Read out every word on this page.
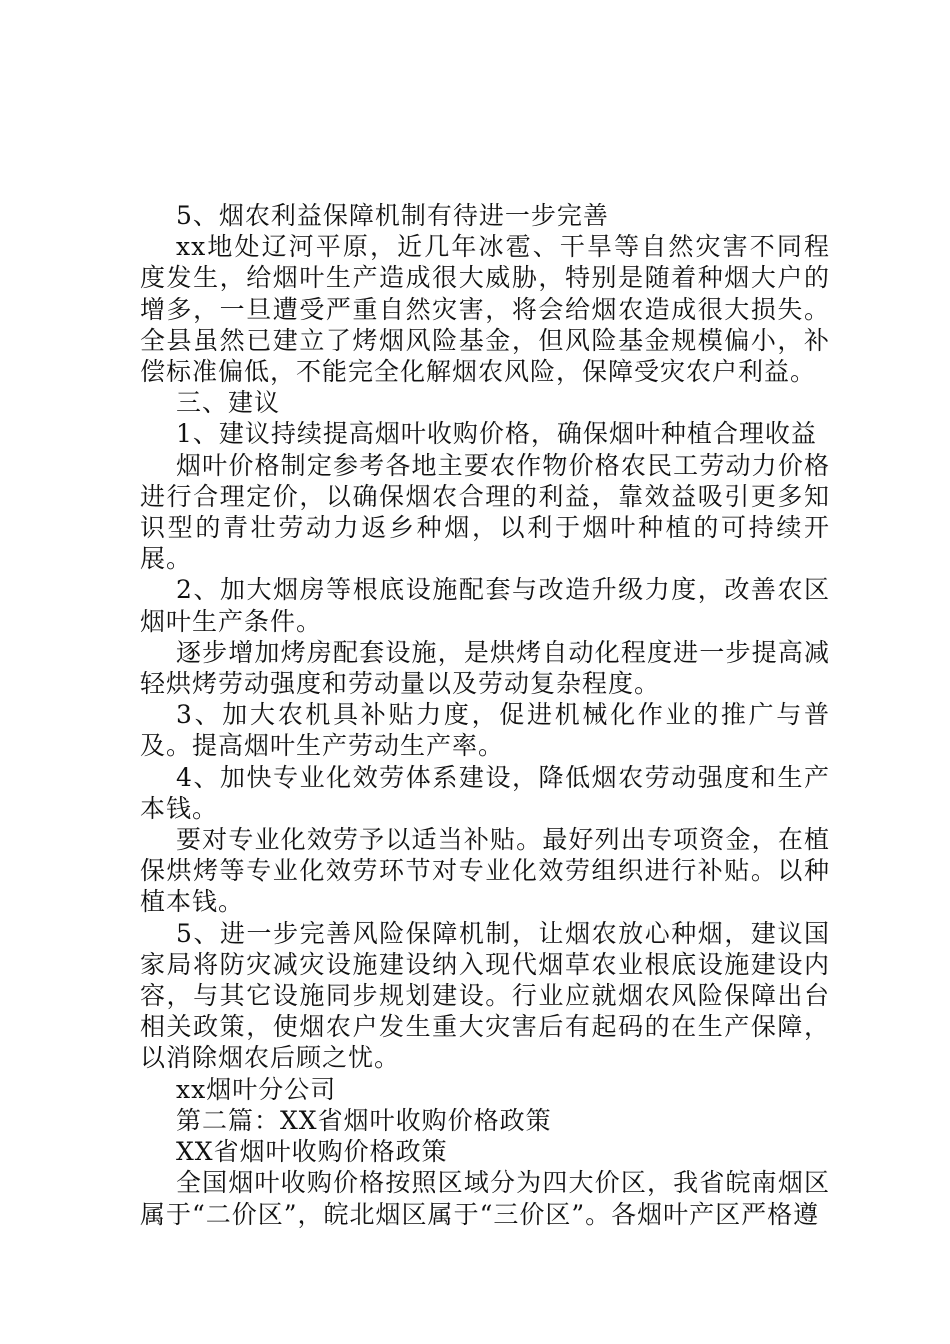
5、烟农利益保障机制有待进一步完善

xx地处辽河平原，近几年冰雹、干旱等自然灾害不同程度发生，给烟叶生产造成很大威胁，特别是随着种烟大户的增多，一旦遭受严重自然灾害，将会给烟农造成很大损失。全县虽然已建立了烤烟风险基金，但风险基金规模偏小，补偿标准偏低，不能完全化解烟农风险，保障受灾农户利益。

三、建议

1、建议持续提高烟叶收购价格，确保烟叶种植合理收益

烟叶价格制定参考各地主要农作物价格农民工劳动力价格进行合理定价，以确保烟农合理的利益，靠效益吸引更多知识型的青壮劳动力返乡种烟，以利于烟叶种植的可持续开展。

2、加大烟房等根底设施配套与改造升级力度，改善农区烟叶生产条件。

逐步增加烤房配套设施，是烘烤自动化程度进一步提高减轻烘烤劳动强度和劳动量以及劳动复杂程度。

3、加大农机具补贴力度，促进机械化作业的推广与普及。提高烟叶生产劳动生产率。

4、加快专业化效劳体系建设，降低烟农劳动强度和生产本钱。

要对专业化效劳予以适当补贴。最好列出专项资金，在植保烘烤等专业化效劳环节对专业化效劳组织进行补贴。以种植本钱。

5、进一步完善风险保障机制，让烟农放心种烟，建议国家局将防灾减灾设施建设纳入现代烟草农业根底设施建设内容，与其它设施同步规划建设。行业应就烟农风险保障出台相关政策，使烟农户发生重大灾害后有起码的在生产保障，以消除烟农后顾之忧。

xx烟叶分公司

第二篇：XX省烟叶收购价格政策

XX省烟叶收购价格政策

全国烟叶收购价格按照区域分为四大价区，我省皖南烟区属于“二价区”，皖北烟区属于“三价区”。各烟叶产区严格遵
